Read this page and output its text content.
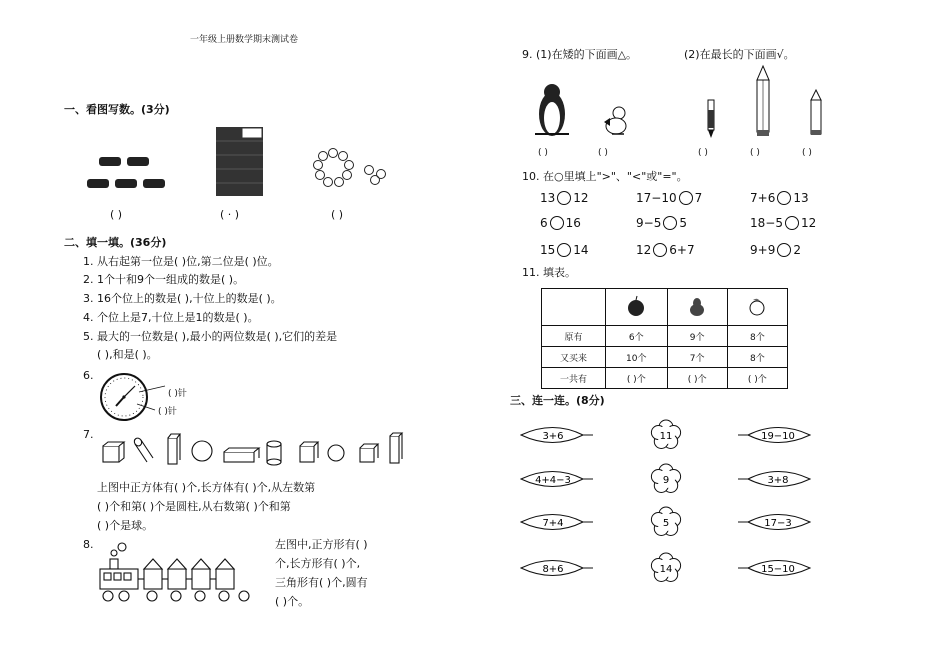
一年级上册数学期末测试卷
一、看图写数。(3分)
( )	( · )	( )
二、填一填。(36分)
1. 从右起第一位是( )位,第二位是( )位。
2. 1个十和9个一组成的数是( )。
3. 16个位上的数是( ),十位上的数是( )。
4. 个位上是7,十位上是1的数是( )。
5. 最大的一位数是( ),最小的两位数是( ),它们的差是
( ),和是( )。
6.
( )针
( )针
7.
上图中正方体有( )个,长方体有( )个,从左数第
( )个和第( )个是圆柱,从右数第( )个和第
( )个是球。
8.	左图中,正方形有( )
个,长方形有( )个,
三角形有( )个,圆有
( )个。
9. (1)在矮的下面画△。	(2)在最长的下面画√。
( )	( )	( )	( )	( )
10. 在○里填上">"、"<"或"="。
13 12	17−10 7	7+6 13
6 16	9−5 5	18−5 12
15 14	12 6+7	9+9 2
11. 填表。

原有	6个	9个	8个
又买来	10个	7个	8个
一共有	( )个	( )个	( )个
三、连一连。(8分)
3+6
4+4−3
7+4
8+6
11
9
5
14
19−10
3+8
17−3
15−10
